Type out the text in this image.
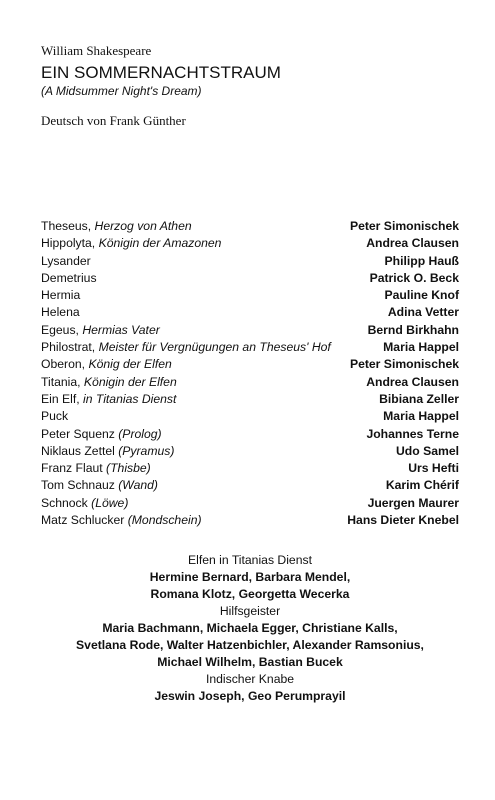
William Shakespeare

EIN SOMMERNACHTSTRAUM

(A Midsummer Night's Dream)

Deutsch von Frank Günther

Theseus, Herzog von Athen	Peter Simonischek
Hippolyta, Königin der Amazonen	Andrea Clausen
Lysander	Philipp Hauß
Demetrius	Patrick O. Beck
Hermia	Pauline Knof
Helena	Adina Vetter
Egeus, Hermias Vater	Bernd Birkhahn
Philostrat, Meister für Vergnügungen an Theseus' Hof	Maria Happel
Oberon, König der Elfen	Peter Simonischek
Titania, Königin der Elfen	Andrea Clausen
Ein Elf, in Titanias Dienst	Bibiana Zeller
Puck	Maria Happel
Peter Squenz (Prolog)	Johannes Terne
Niklaus Zettel (Pyramus)	Udo Samel
Franz Flaut (Thisbe)	Urs Hefti
Tom Schnauz (Wand)	Karim Chérif
Schnock (Löwe)	Juergen Maurer
Matz Schlucker (Mondschein)	Hans Dieter Knebel
Elfen in Titanias Dienst
Hermine Bernard, Barbara Mendel,
Romana Klotz, Georgetta Wecerka
Hilfsgeister
Maria Bachmann, Michaela Egger, Christiane Kalls,
Svetlana Rode, Walter Hatzenbichler, Alexander Ramsonius,
Michael Wilhelm, Bastian Bucek
Indischer Knabe
Jeswin Joseph, Geo Perumprayil
